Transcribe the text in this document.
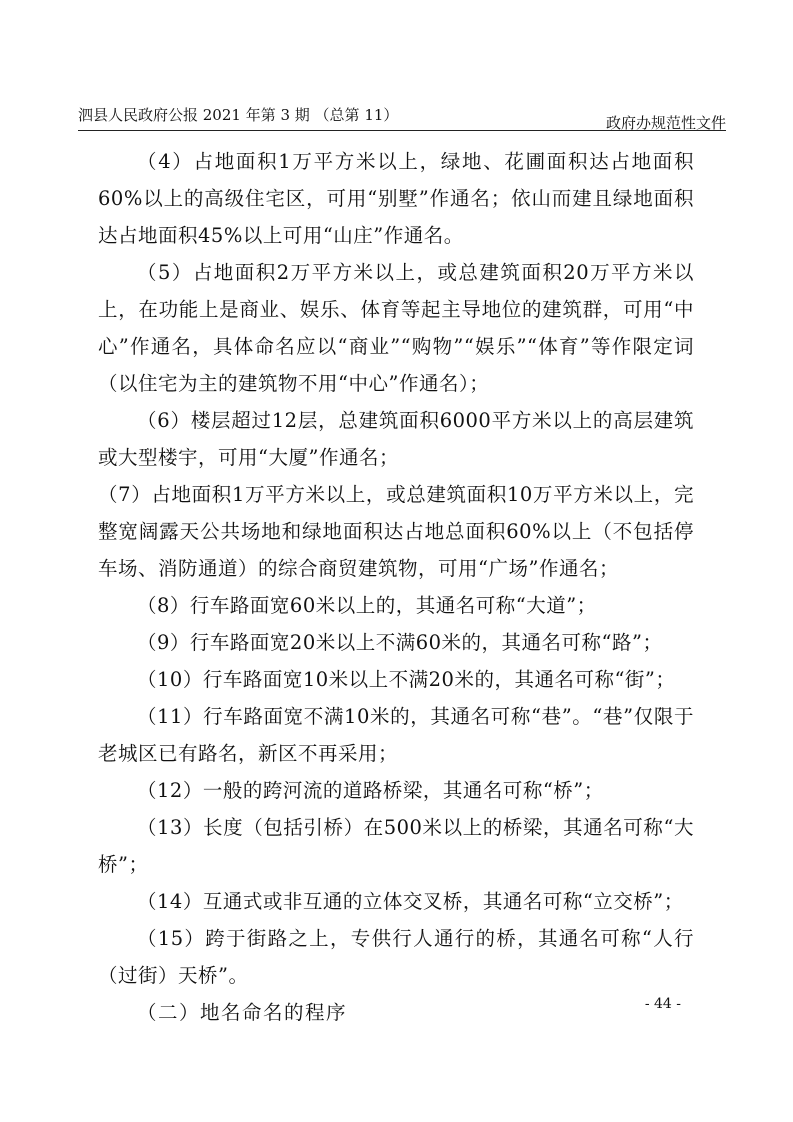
泗县人民政府公报 2021 年第 3 期 （总第 11）	政府办规范性文件

（4）占地面积1万平方米以上，绿地、花圃面积达占地面积60%以上的高级住宅区，可用“别墅”作通名；依山而建且绿地面积达占地面积45%以上可用“山庄”作通名。

（5）占地面积2万平方米以上，或总建筑面积20万平方米以上，在功能上是商业、娱乐、体育等起主导地位的建筑群，可用“中心”作通名，具体命名应以“商业”“购物”“娱乐”“体育”等作限定词（以住宅为主的建筑物不用“中心”作通名）；

（6）楼层超过12层，总建筑面积6000平方米以上的高层建筑或大型楼宇，可用“大厦”作通名；

（7）占地面积1万平方米以上，或总建筑面积10万平方米以上，完整宽阔露天公共场地和绿地面积达占地总面积60%以上（不包括停车场、消防通道）的综合商贸建筑物，可用“广场”作通名；

（8）行车路面宽60米以上的，其通名可称“大道”；

（9）行车路面宽20米以上不满60米的，其通名可称“路”；

（10）行车路面宽10米以上不满20米的，其通名可称“街”；

（11）行车路面宽不满10米的，其通名可称“巷”。“巷”仅限于老城区已有路名，新区不再采用；

（12）一般的跨河流的道路桥梁，其通名可称“桥”；

（13）长度（包括引桥）在500米以上的桥梁，其通名可称“大桥”；

（14）互通式或非互通的立体交叉桥，其通名可称“立交桥”；

（15）跨于街路之上，专供行人通行的桥，其通名可称“人行（过街）天桥”。

（二）地名命名的程序	- 44 -
